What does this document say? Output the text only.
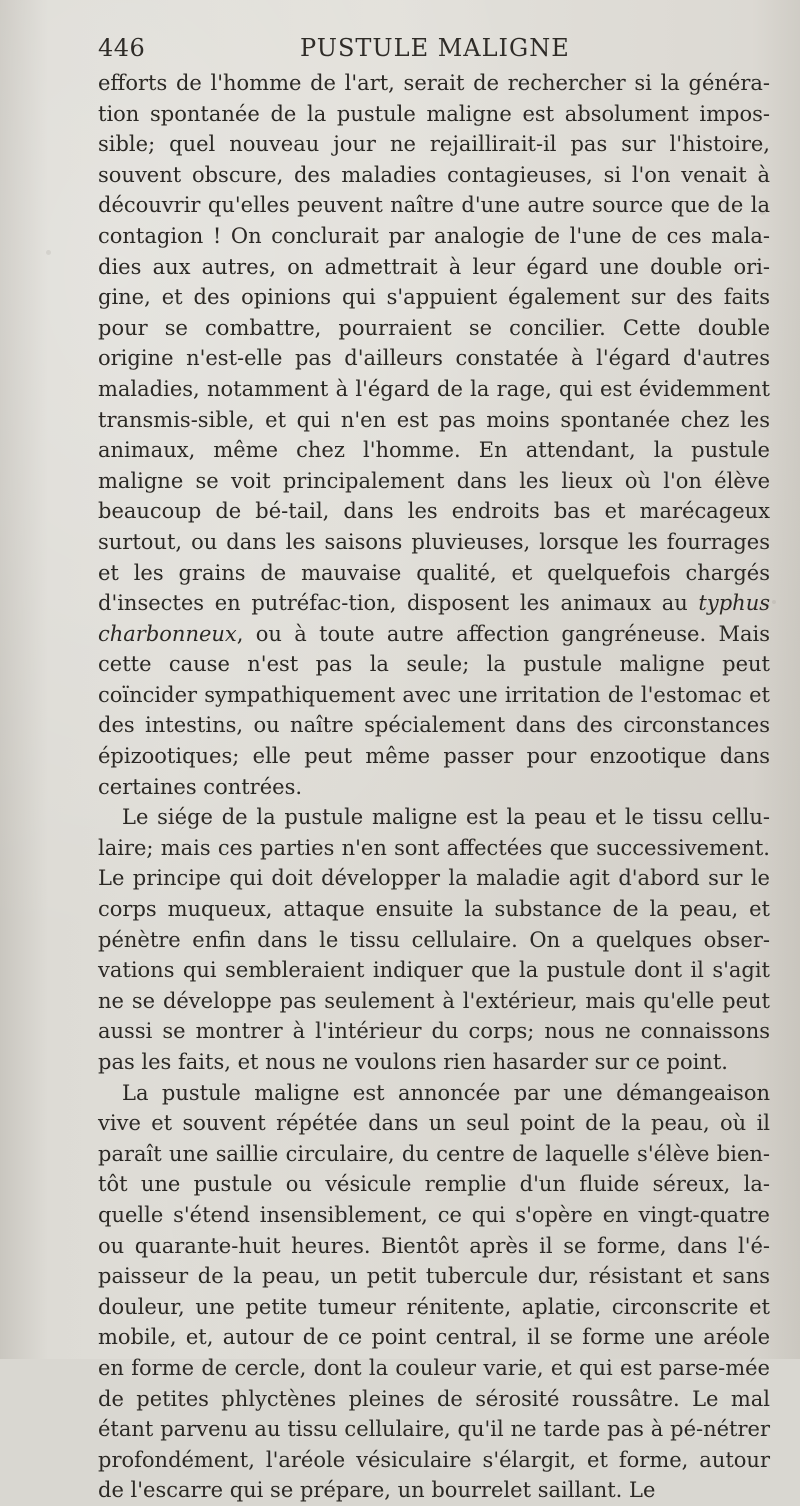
446	PUSTULE MALIGNE

efforts de l'homme de l'art, serait de rechercher si la généra-tion spontanée de la pustule maligne est absolument impos-sible; quel nouveau jour ne rejaillirait-il pas sur l'histoire, souvent obscure, des maladies contagieuses, si l'on venait à découvrir qu'elles peuvent naître d'une autre source que de la contagion ! On conclurait par analogie de l'une de ces mala-dies aux autres, on admettrait à leur égard une double ori-gine, et des opinions qui s'appuient également sur des faits pour se combattre, pourraient se concilier. Cette double origine n'est-elle pas d'ailleurs constatée à l'égard d'autres maladies, notamment à l'égard de la rage, qui est évidemment transmis-sible, et qui n'en est pas moins spontanée chez les animaux, même chez l'homme. En attendant, la pustule maligne se voit principalement dans les lieux où l'on élève beaucoup de bé-tail, dans les endroits bas et marécageux surtout, ou dans les saisons pluvieuses, lorsque les fourrages et les grains de mauvaise qualité, et quelquefois chargés d'insectes en putréfac-tion, disposent les animaux au typhus charbonneux, ou à toute autre affection gangréneuse. Mais cette cause n'est pas la seule; la pustule maligne peut coïncider sympathiquement avec une irritation de l'estomac et des intestins, ou naître spécialement dans des circonstances épizootiques; elle peut même passer pour enzootique dans certaines contrées.

Le siége de la pustule maligne est la peau et le tissu cellu-laire; mais ces parties n'en sont affectées que successivement. Le principe qui doit développer la maladie agit d'abord sur le corps muqueux, attaque ensuite la substance de la peau, et pénètre enfin dans le tissu cellulaire. On a quelques obser-vations qui sembleraient indiquer que la pustule dont il s'agit ne se développe pas seulement à l'extérieur, mais qu'elle peut aussi se montrer à l'intérieur du corps; nous ne connaissons pas les faits, et nous ne voulons rien hasarder sur ce point.

La pustule maligne est annoncée par une démangeaison vive et souvent répétée dans un seul point de la peau, où il paraît une saillie circulaire, du centre de laquelle s'élève bien-tôt une pustule ou vésicule remplie d'un fluide séreux, la-quelle s'étend insensiblement, ce qui s'opère en vingt-quatre ou quarante-huit heures. Bientôt après il se forme, dans l'é-paisseur de la peau, un petit tubercule dur, résistant et sans douleur, une petite tumeur rénitente, aplatie, circonscrite et mobile, et, autour de ce point central, il se forme une aréole en forme de cercle, dont la couleur varie, et qui est parse-mée de petites phlyctènes pleines de sérosité roussâtre. Le mal étant parvenu au tissu cellulaire, qu'il ne tarde pas à pé-nétrer profondément, l'aréole vésiculaire s'élargit, et forme, autour de l'escarre qui se prépare, un bourrelet saillant. Le
